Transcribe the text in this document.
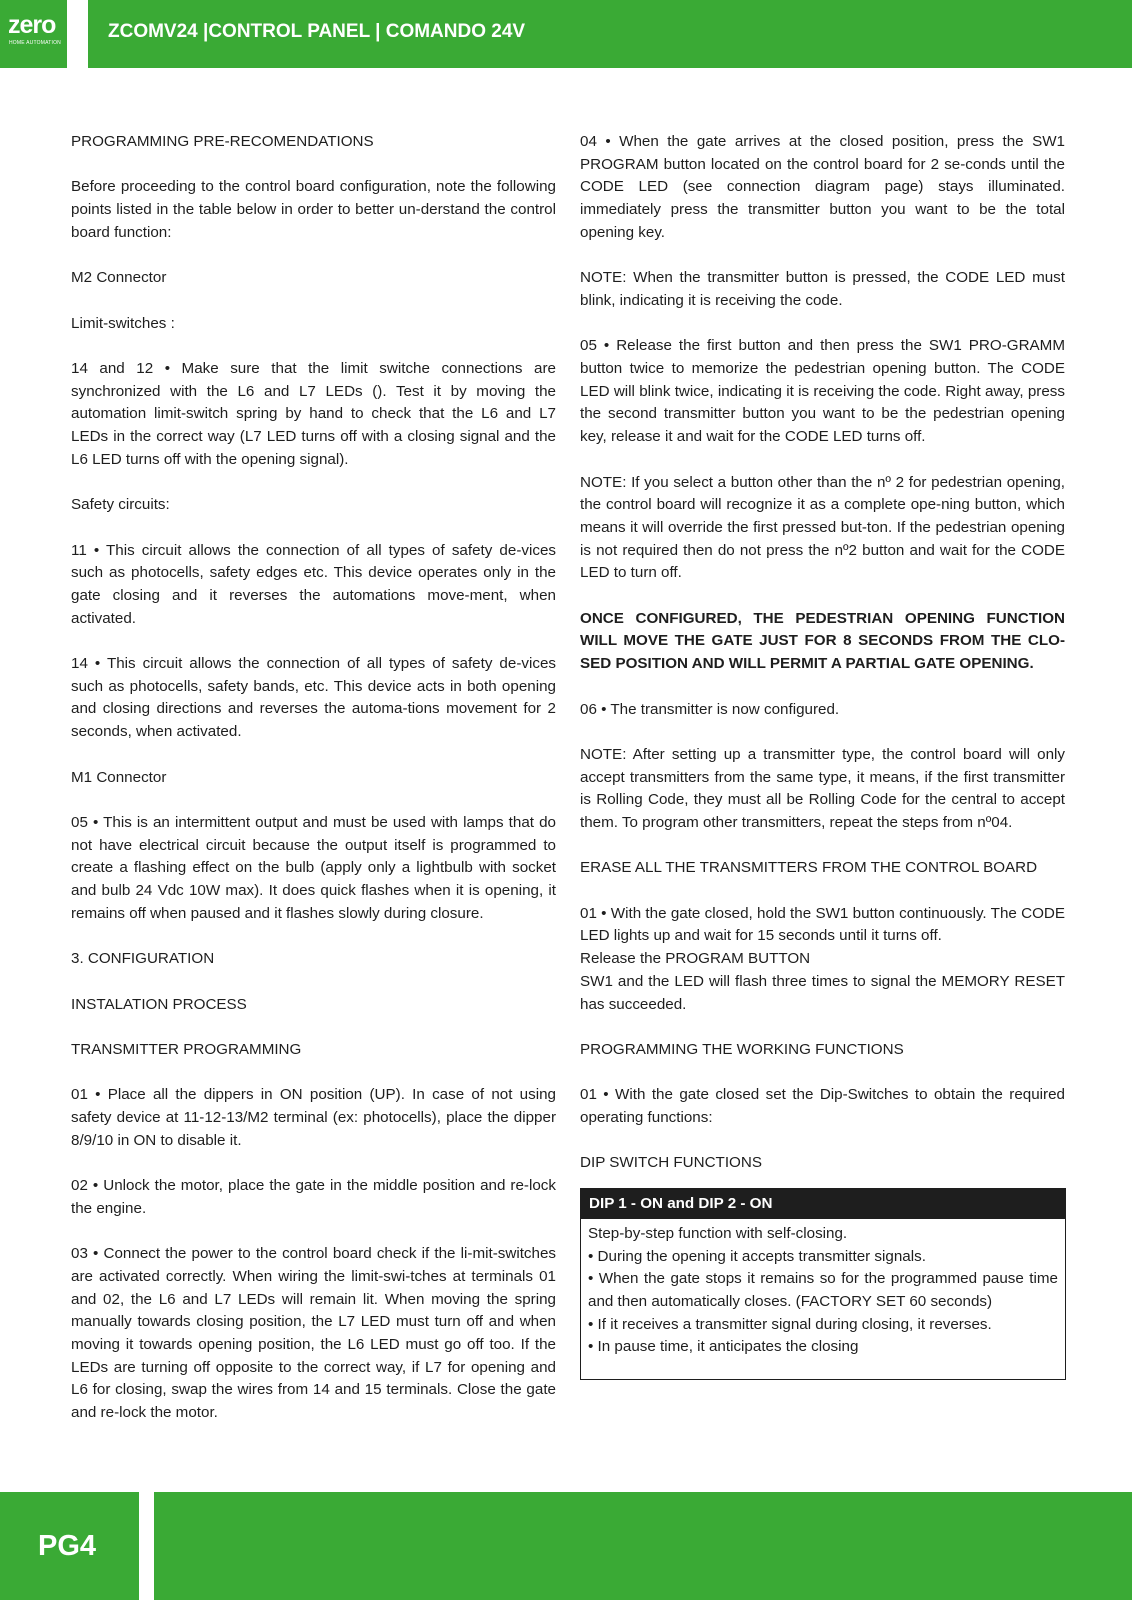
zero
HOME AUTOMATION
ZCOMV24 |CONTROL PANEL | COMANDO 24V

PROGRAMMING PRE-RECOMENDATIONS

Before proceeding to the control board configuration, note the following points listed in the table below in order to better un-derstand the control board function:

M2 Connector

Limit-switches :

14 and 12 • Make sure that the limit switche connections are synchronized with the L6 and L7 LEDs (). Test it by moving the automation limit-switch spring by hand to check that the L6 and L7 LEDs in the correct way (L7 LED turns off with a closing signal and the L6 LED turns off with the opening signal).

Safety circuits:

11 • This circuit allows the connection of all types of safety de-vices such as photocells, safety edges etc. This device operates only in the gate closing and it reverses the automations move-ment, when activated.

14 • This circuit allows the connection of all types of safety de-vices such as photocells, safety bands, etc. This device acts in both opening and closing directions and reverses the automa-tions movement for 2 seconds, when activated.

M1 Connector

05 • This is an intermittent output and must be used with lamps that do not have electrical circuit because the output itself is programmed to create a flashing effect on the bulb (apply only a lightbulb with socket and bulb 24 Vdc 10W max). It does quick flashes when it is opening, it remains off when paused and it flashes slowly during closure.

3. CONFIGURATION

INSTALATION PROCESS

TRANSMITTER PROGRAMMING

01 • Place all the dippers in ON position (UP). In case of not using safety device at 11-12-13/M2 terminal (ex: photocells), place the dipper 8/9/10 in ON to disable it.

02 • Unlock the motor, place the gate in the middle position and re-lock the engine.

03 • Connect the power to the control board check if the li-mit-switches are activated correctly. When wiring the limit-swi-tches at terminals 01 and 02, the L6 and L7 LEDs will remain lit. When moving the spring manually towards closing position, the L7 LED must turn off and when moving it towards opening position, the L6 LED must go off too. If the LEDs are turning off opposite to the correct way, if L7 for opening and L6 for closing, swap the wires from 14 and 15 terminals. Close the gate and re-lock the motor.

04 • When the gate arrives at the closed position, press the SW1 PROGRAM button located on the control board for 2 se-conds until the CODE LED (see connection diagram page) stays illuminated. immediately press the transmitter button you want to be the total opening key.

NOTE: When the transmitter button is pressed, the CODE LED must blink, indicating it is receiving the code.

05 • Release the first button and then press the SW1 PRO-GRAMM button twice to memorize the pedestrian opening button. The CODE LED will blink twice, indicating it is receiving the code. Right away, press the second transmitter button you want to be the pedestrian opening key, release it and wait for the CODE LED turns off.

NOTE: If you select a button other than the nº 2 for pedestrian opening, the control board will recognize it as a complete ope-ning button, which means it will override the first pressed but-ton. If the pedestrian opening is not required then do not press the nº2 button and wait for the CODE LED to turn off.

ONCE CONFIGURED, THE PEDESTRIAN OPENING FUNCTION WILL MOVE THE GATE JUST FOR 8 SECONDS FROM THE CLO-SED POSITION AND WILL PERMIT A PARTIAL GATE OPENING.

06 • The transmitter is now configured.

NOTE: After setting up a transmitter type, the control board will only accept transmitters from the same type, it means, if the first transmitter is Rolling Code, they must all be Rolling Code for the central to accept them. To program other transmitters, repeat the steps from nº04.

ERASE ALL THE TRANSMITTERS FROM THE CONTROL BOARD

01 • With the gate closed, hold the SW1 button continuously. The CODE LED lights up and wait for 15 seconds until it turns off.

Release the PROGRAM BUTTON

SW1 and the LED will flash three times to signal the MEMORY RESET has succeeded.

PROGRAMMING THE WORKING FUNCTIONS

01 • With the gate closed set the Dip-Switches to obtain the required operating functions:

DIP SWITCH FUNCTIONS

DIP 1 - ON and DIP 2 - ON
Step-by-step function with self-closing.
• During the opening it accepts transmitter signals.
• When the gate stops it remains so for the programmed pause time and then automatically closes. (FACTORY SET 60 seconds)
• If it receives a transmitter signal during closing, it reverses.
• In pause time, it anticipates the closing
PG4
